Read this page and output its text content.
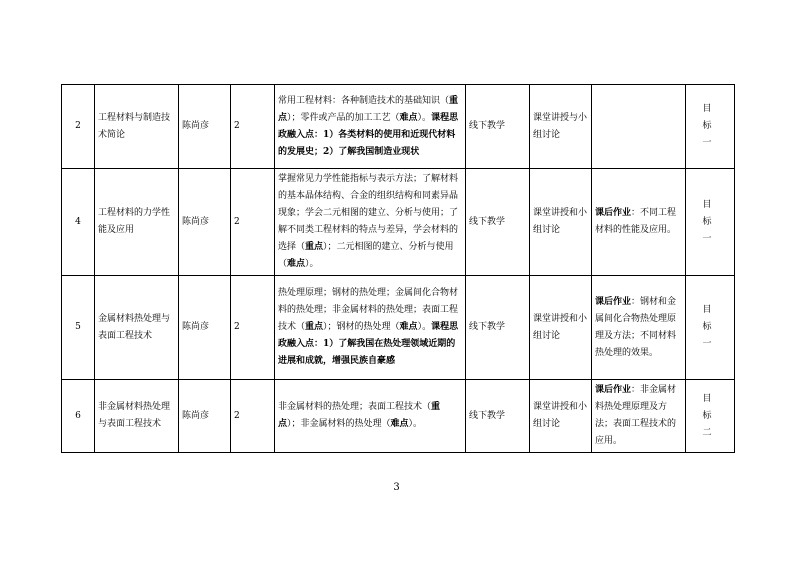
2	工程材料与制造技术简论	陈尚彦	2	常用工程材料：各种制造技术的基础知识（重点）；零件或产品的加工工艺（难点）。课程思政融入点：1）各类材料的使用和近现代材料的发展史；2）了解我国制造业现状	线下教学	课堂讲授与小组讨论		目　标
一

4	工程材料的力学性能及应用	陈尚彦	2	掌握常见力学性能指标与表示方法；了解材料的基本晶体结构、合金的组织结构和同素异晶现象；学会二元相图的建立、分析与使用；了解不同类工程材料的特点与差异，学会材料的选择（重点）；二元相图的建立、分析与使用（难点）。	线下教学	课堂讲授和小组讨论	课后作业：不同工程材料的性能及应用。	目　标
一

5	金属材料热处理与表面工程技术	陈尚彦	2	热处理原理；钢材的热处理；金属间化合物材料的热处理；非金属材料的热处理；表面工程技术（重点）；钢材的热处理（难点）。课程思政融入点：1）了解我国在热处理领域近期的进展和成就，增强民族自豪感	线下教学	课堂讲授和小组讨论	课后作业：钢材和金属间化合物热处理原理及方法；不同材料热处理的效果。	目　标
一

6	非金属材料热处理与表面工程技术	陈尚彦	2	非金属材料的热处理；表面工程技术（重点）；非金属材料的热处理（难点）。	线下教学	课堂讲授和小组讨论	课后作业：非金属材料热处理原理及方法；表面工程技术的应用。	目　标
二
3
